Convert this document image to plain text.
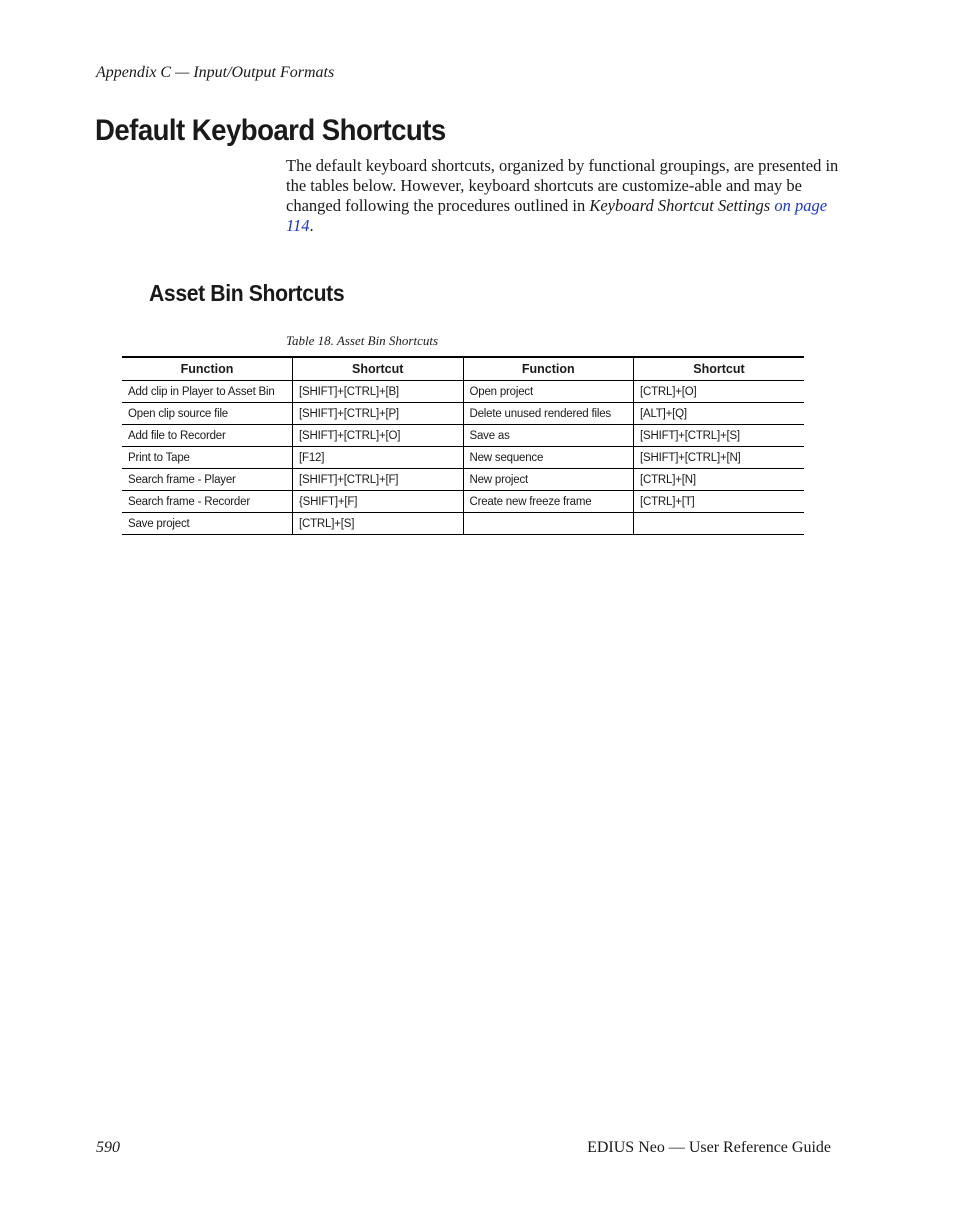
Appendix C — Input/Output Formats
Default Keyboard Shortcuts

The default keyboard shortcuts, organized by functional groupings, are presented in the tables below. However, keyboard shortcuts are customize-able and may be changed following the procedures outlined in Keyboard Shortcut Settings on page 114.

Asset Bin Shortcuts
Table 18. Asset Bin Shortcuts
Function	Shortcut	Function	Shortcut
Add clip in Player to Asset Bin	[SHIFT]+[CTRL]+[B]	Open project	[CTRL]+[O]
Open clip source file	[SHIFT]+[CTRL]+[P]	Delete unused rendered files	[ALT]+[Q]
Add file to Recorder	[SHIFT]+[CTRL]+[O]	Save as	[SHIFT]+[CTRL]+[S]
Print to Tape	[F12]	New sequence	[SHIFT]+[CTRL]+[N]
Search frame - Player	[SHIFT]+[CTRL]+[F]	New project	[CTRL]+[N]
Search frame - Recorder	{SHIFT]+[F]	Create new freeze frame	[CTRL]+[T]
Save project	[CTRL]+[S]		
590	EDIUS Neo — User Reference Guide
